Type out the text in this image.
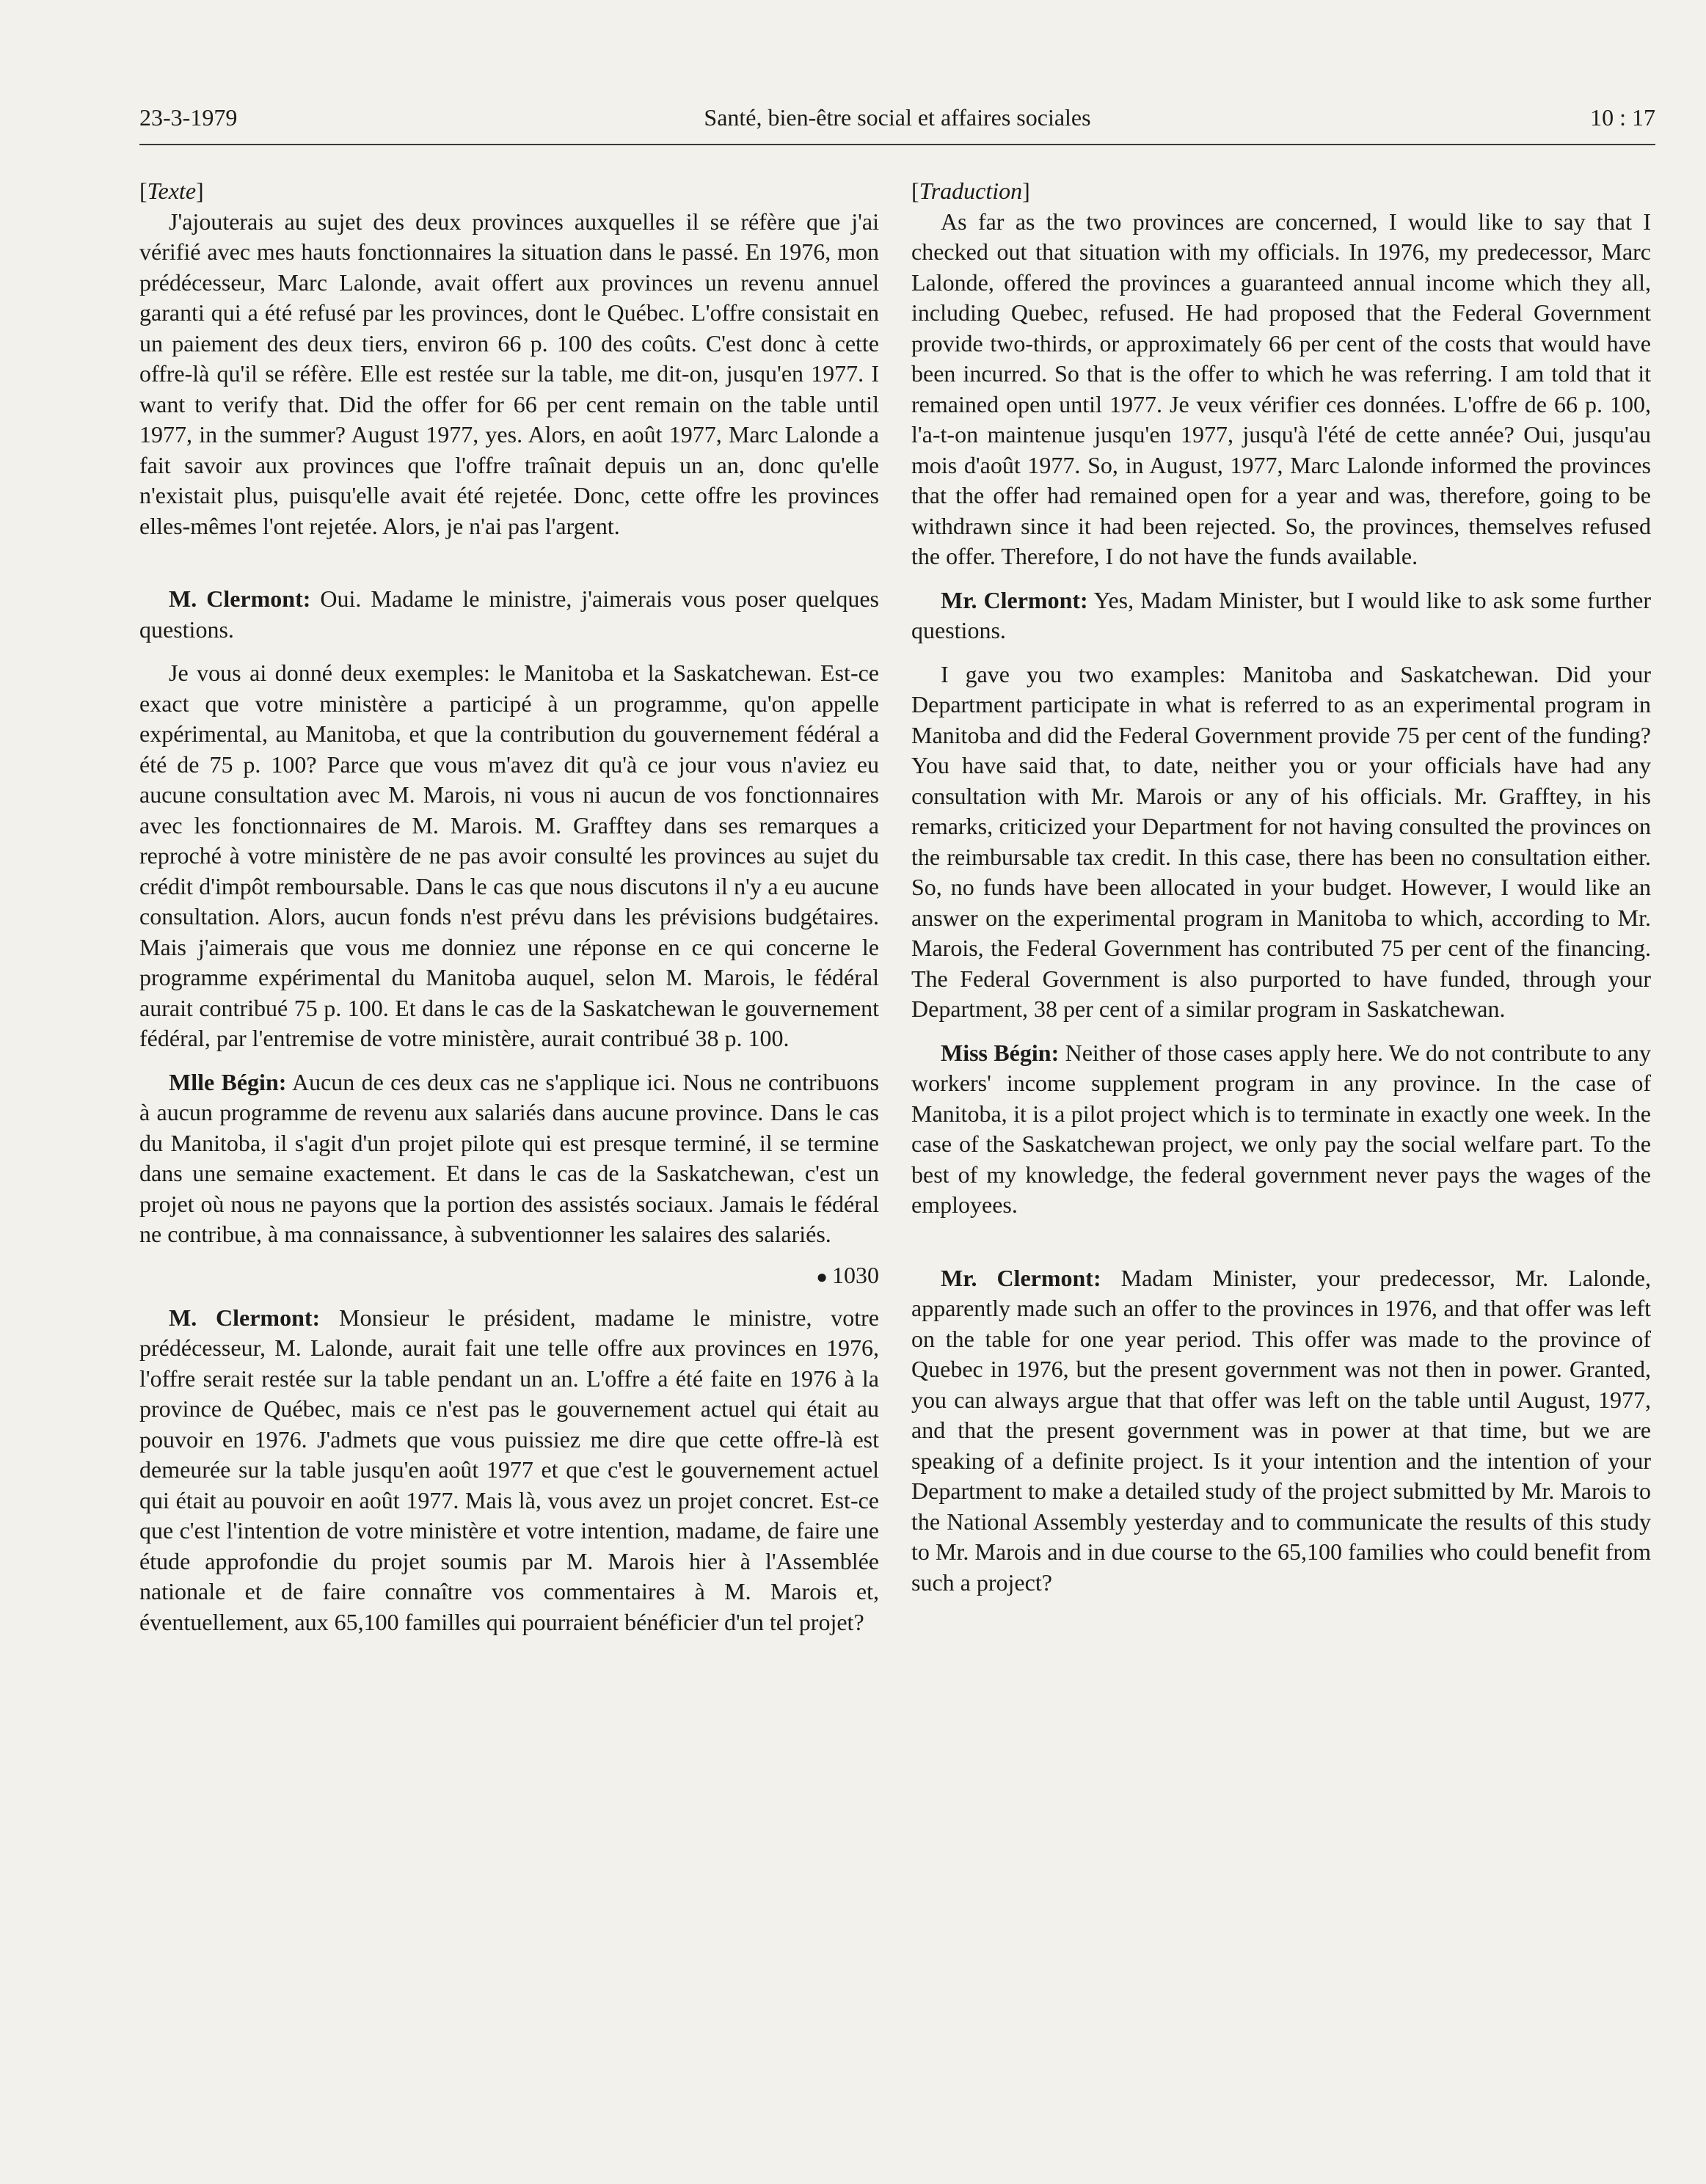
23-3-1979	Santé, bien-être social et affaires sociales	10 : 17

[Texte]

J'ajouterais au sujet des deux provinces auxquelles il se réfère que j'ai vérifié avec mes hauts fonctionnaires la situation dans le passé. En 1976, mon prédécesseur, Marc Lalonde, avait offert aux provinces un revenu annuel garanti qui a été refusé par les provinces, dont le Québec. L'offre consistait en un paiement des deux tiers, environ 66 p. 100 des coûts. C'est donc à cette offre-là qu'il se réfère. Elle est restée sur la table, me dit-on, jusqu'en 1977. I want to verify that. Did the offer for 66 per cent remain on the table until 1977, in the summer? August 1977, yes. Alors, en août 1977, Marc Lalonde a fait savoir aux provinces que l'offre traînait depuis un an, donc qu'elle n'existait plus, puisqu'elle avait été rejetée. Donc, cette offre les provinces elles-mêmes l'ont rejetée. Alors, je n'ai pas l'argent.

M. Clermont: Oui. Madame le ministre, j'aimerais vous poser quelques questions.

Je vous ai donné deux exemples: le Manitoba et la Saskatchewan. Est-ce exact que votre ministère a participé à un programme, qu'on appelle expérimental, au Manitoba, et que la contribution du gouvernement fédéral a été de 75 p. 100? Parce que vous m'avez dit qu'à ce jour vous n'aviez eu aucune consultation avec M. Marois, ni vous ni aucun de vos fonctionnaires avec les fonctionnaires de M. Marois. M. Grafftey dans ses remarques a reproché à votre ministère de ne pas avoir consulté les provinces au sujet du crédit d'impôt remboursable. Dans le cas que nous discutons il n'y a eu aucune consultation. Alors, aucun fonds n'est prévu dans les prévisions budgétaires. Mais j'aimerais que vous me donniez une réponse en ce qui concerne le programme expérimental du Manitoba auquel, selon M. Marois, le fédéral aurait contribué 75 p. 100. Et dans le cas de la Saskatchewan le gouvernement fédéral, par l'entremise de votre ministère, aurait contribué 38 p. 100.

Mlle Bégin: Aucun de ces deux cas ne s'applique ici. Nous ne contribuons à aucun programme de revenu aux salariés dans aucune province. Dans le cas du Manitoba, il s'agit d'un projet pilote qui est presque terminé, il se termine dans une semaine exactement. Et dans le cas de la Saskatchewan, c'est un projet où nous ne payons que la portion des assistés sociaux. Jamais le fédéral ne contribue, à ma connaissance, à subventionner les salaires des salariés.

● 1030

M. Clermont: Monsieur le président, madame le ministre, votre prédécesseur, M. Lalonde, aurait fait une telle offre aux provinces en 1976, l'offre serait restée sur la table pendant un an. L'offre a été faite en 1976 à la province de Québec, mais ce n'est pas le gouvernement actuel qui était au pouvoir en 1976. J'admets que vous puissiez me dire que cette offre-là est demeurée sur la table jusqu'en août 1977 et que c'est le gouvernement actuel qui était au pouvoir en août 1977. Mais là, vous avez un projet concret. Est-ce que c'est l'intention de votre ministère et votre intention, madame, de faire une étude approfondie du projet soumis par M. Marois hier à l'Assemblée nationale et de faire connaître vos commentaires à M. Marois et, éventuellement, aux 65,100 familles qui pourraient bénéficier d'un tel projet?

[Traduction]

As far as the two provinces are concerned, I would like to say that I checked out that situation with my officials. In 1976, my predecessor, Marc Lalonde, offered the provinces a guaranteed annual income which they all, including Quebec, refused. He had proposed that the Federal Government provide two-thirds, or approximately 66 per cent of the costs that would have been incurred. So that is the offer to which he was referring. I am told that it remained open until 1977. Je veux vérifier ces données. L'offre de 66 p. 100, l'a-t-on maintenue jusqu'en 1977, jusqu'à l'été de cette année? Oui, jusqu'au mois d'août 1977. So, in August, 1977, Marc Lalonde informed the provinces that the offer had remained open for a year and was, therefore, going to be withdrawn since it had been rejected. So, the provinces, themselves refused the offer. Therefore, I do not have the funds available.

Mr. Clermont: Yes, Madam Minister, but I would like to ask some further questions.

I gave you two examples: Manitoba and Saskatchewan. Did your Department participate in what is referred to as an experimental program in Manitoba and did the Federal Government provide 75 per cent of the funding? You have said that, to date, neither you or your officials have had any consultation with Mr. Marois or any of his officials. Mr. Grafftey, in his remarks, criticized your Department for not having consulted the provinces on the reimbursable tax credit. In this case, there has been no consultation either. So, no funds have been allocated in your budget. However, I would like an answer on the experimental program in Manitoba to which, according to Mr. Marois, the Federal Government has contributed 75 per cent of the financing. The Federal Government is also purported to have funded, through your Department, 38 per cent of a similar program in Saskatchewan.

Miss Bégin: Neither of those cases apply here. We do not contribute to any workers' income supplement program in any province. In the case of Manitoba, it is a pilot project which is to terminate in exactly one week. In the case of the Saskatchewan project, we only pay the social welfare part. To the best of my knowledge, the federal government never pays the wages of the employees.

Mr. Clermont: Madam Minister, your predecessor, Mr. Lalonde, apparently made such an offer to the provinces in 1976, and that offer was left on the table for one year period. This offer was made to the province of Quebec in 1976, but the present government was not then in power. Granted, you can always argue that that offer was left on the table until August, 1977, and that the present government was in power at that time, but we are speaking of a definite project. Is it your intention and the intention of your Department to make a detailed study of the project submitted by Mr. Marois to the National Assembly yesterday and to communicate the results of this study to Mr. Marois and in due course to the 65,100 families who could benefit from such a project?
